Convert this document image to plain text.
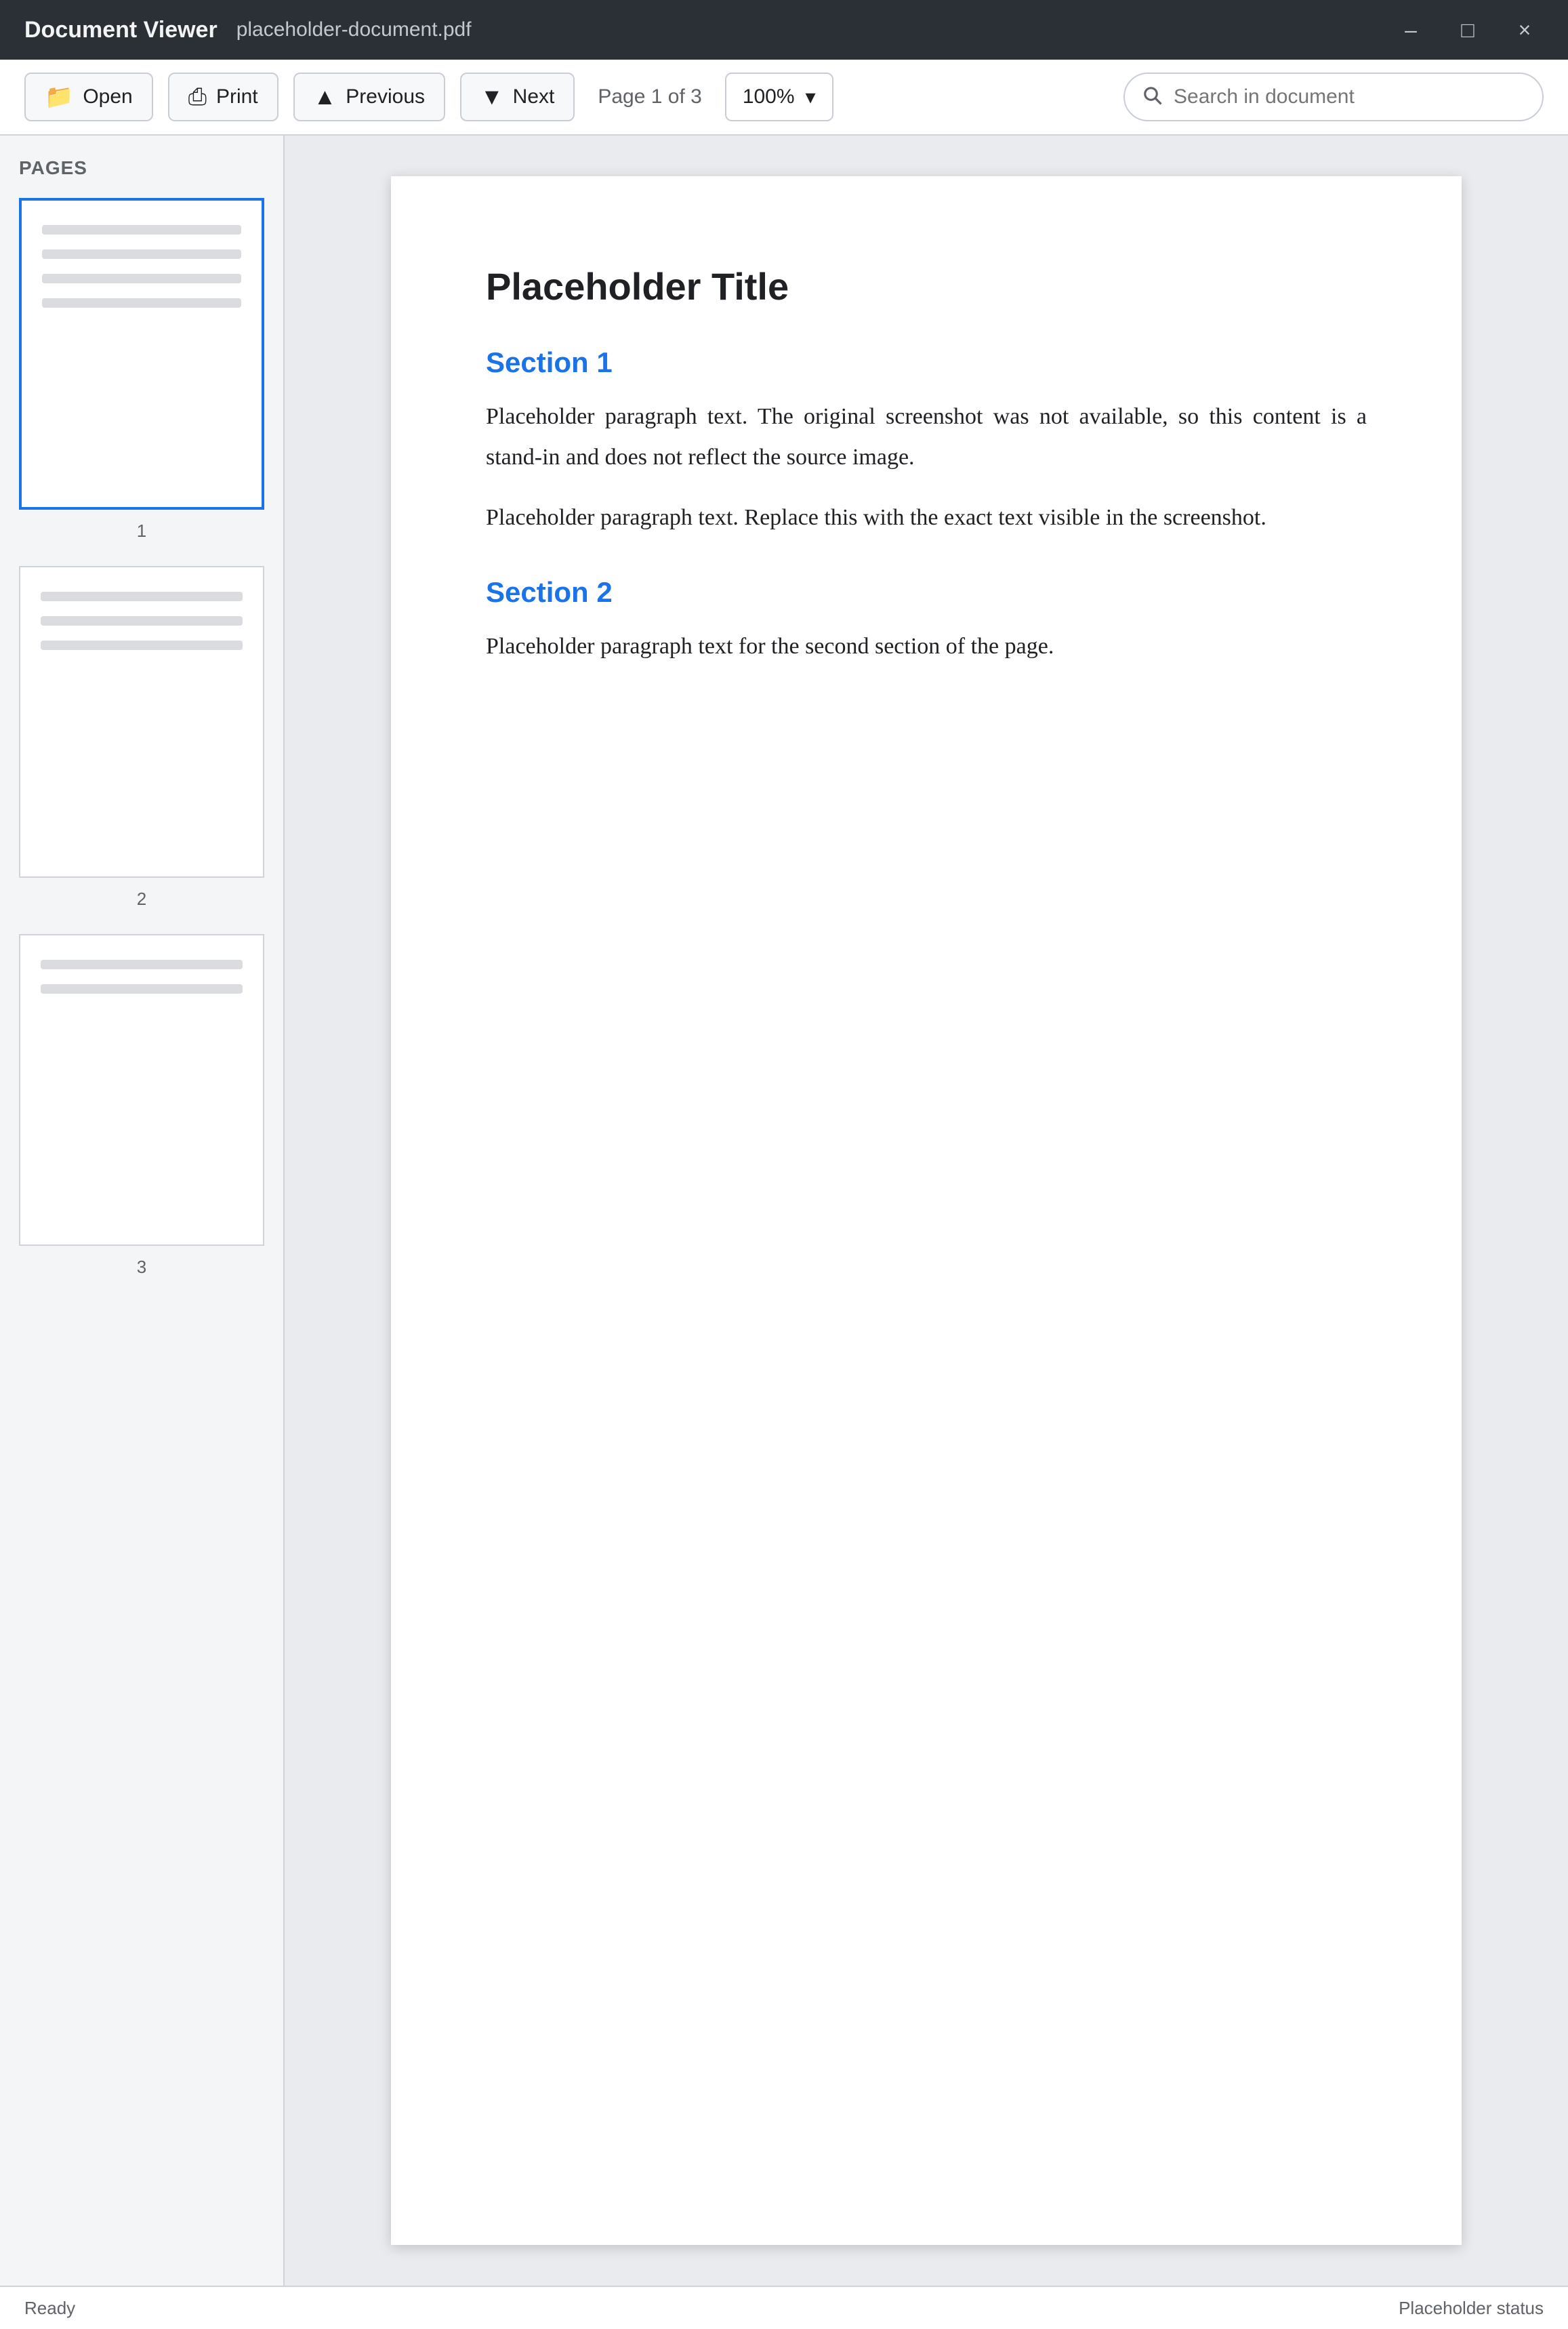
Document Viewer placeholder-document.pdf	–	□	×
📁 Open ⎙ Print ▲ Previous ▼ Next	Page 1 of 3	100% ▾
Search in document
PAGES
1
2
3
Placeholder Title
Section 1

Placeholder paragraph text. The original screenshot was not available, so this content is a stand-in and does not reflect the source image.

Placeholder paragraph text. Replace this with the exact text visible in the screenshot.

Section 2

Placeholder paragraph text for the second section of the page.

Ready	Placeholder status
